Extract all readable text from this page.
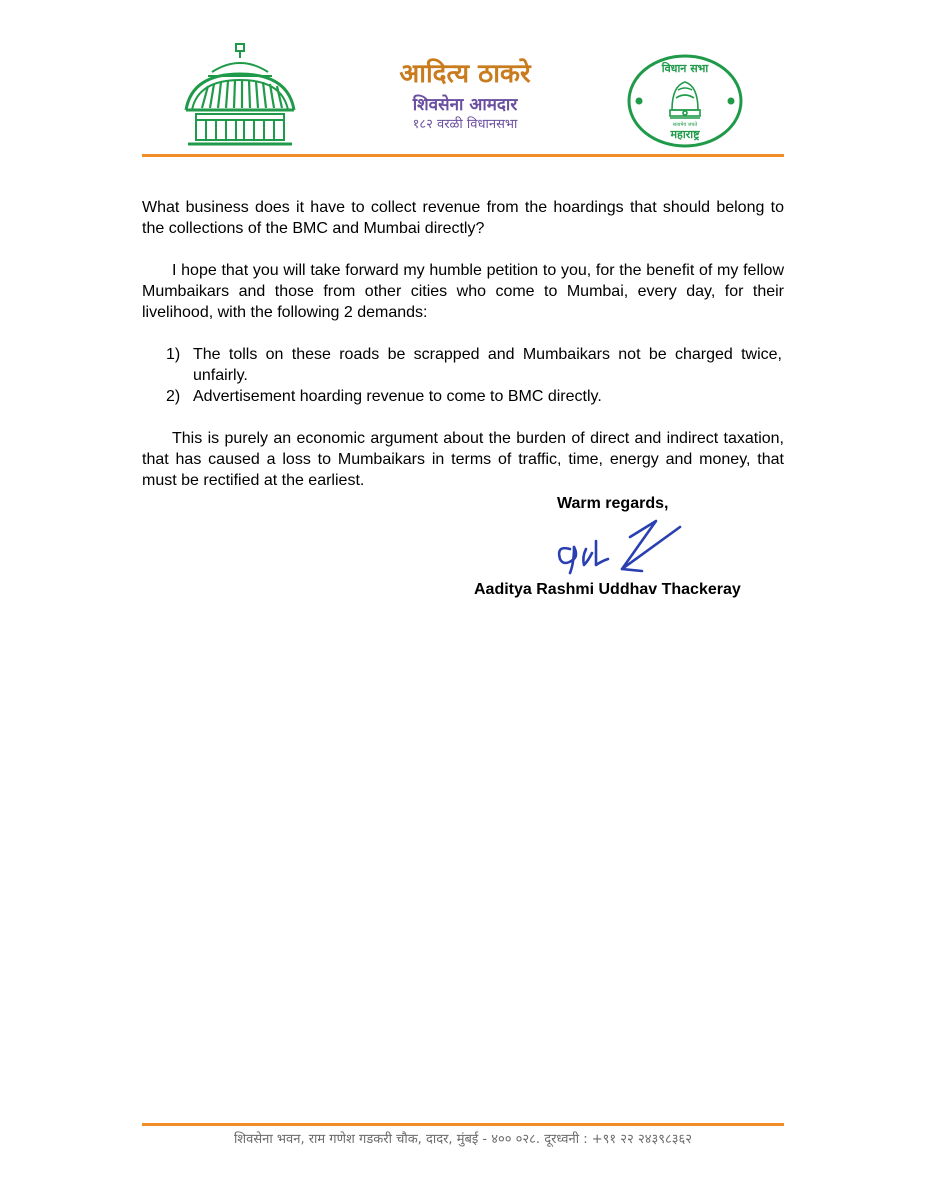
आदित्य ठाकरे
शिवसेना आमदार
१८२ वरळी विधानसभा
विधान सभा
सत्यमेव जयते
महाराष्ट्र

What business does it have to collect revenue from the hoardings that should belong to the collections of the BMC and Mumbai directly?

I hope that you will take forward my humble petition to you, for the benefit of my fellow Mumbaikars and those from other cities who come to Mumbai, every day, for their livelihood, with the following 2 demands:

1) The tolls on these roads be scrapped and Mumbaikars not be charged twice, unfairly.
2) Advertisement hoarding revenue to come to BMC directly.

This is purely an economic argument about the burden of direct and indirect taxation, that has caused a loss to Mumbaikars in terms of traffic, time, energy and money, that must be rectified at the earliest.

Warm regards,
Aaditya Rashmi Uddhav Thackeray
शिवसेना भवन, राम गणेश गडकरी चौक, दादर, मुंबई - ४०० ०२८. दूरध्वनी : +९१ २२ २४३९८३६२
